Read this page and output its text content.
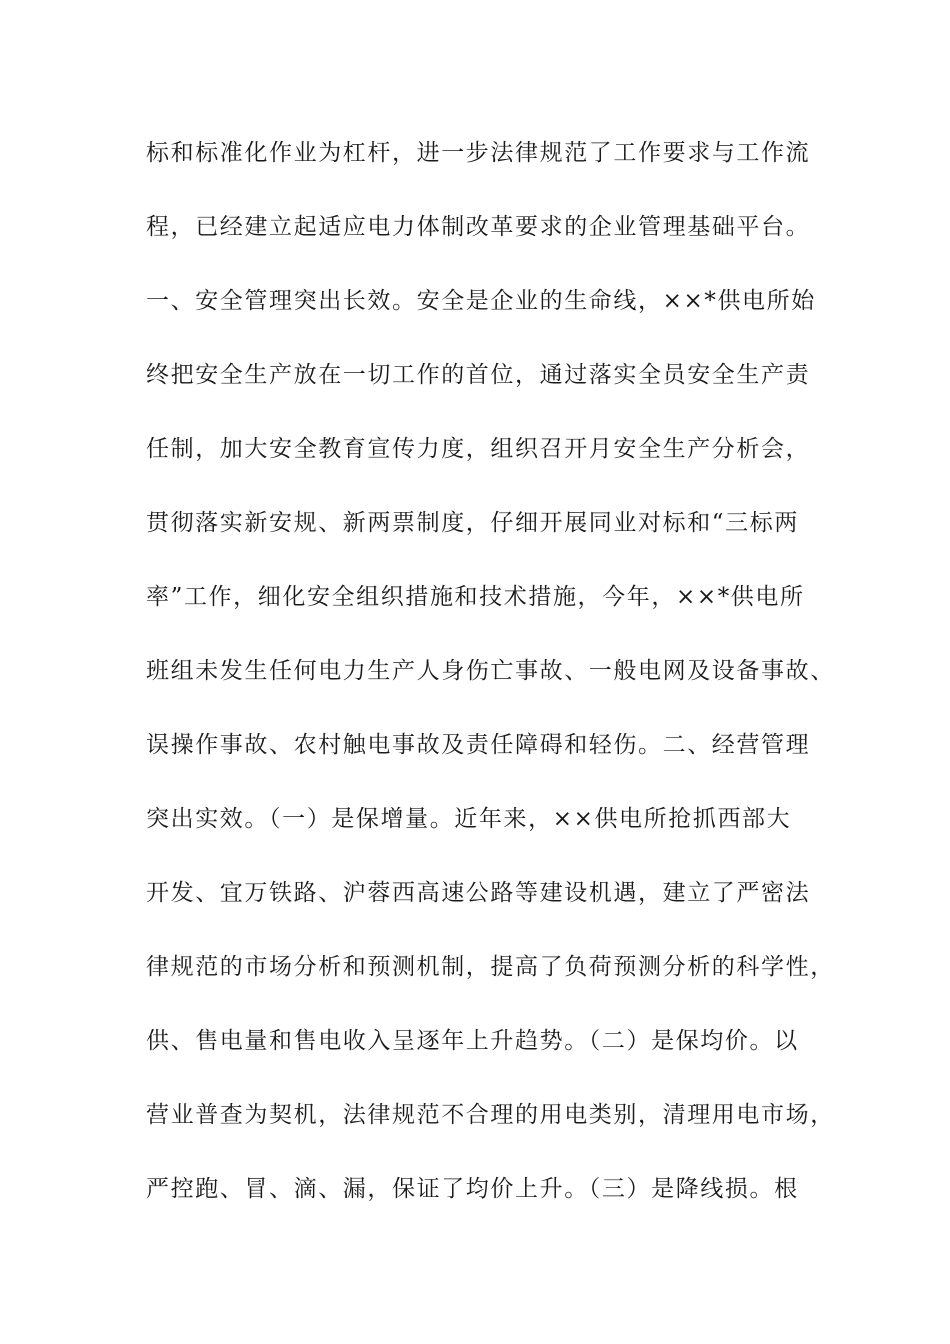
标和标准化作业为杠杆，进一步法律规范了工作要求与工作流
程，已经建立起适应电力体制改革要求的企业管理基础平台。
一、安全管理突出长效。安全是企业的生命线，××*供电所始
终把安全生产放在一切工作的首位，通过落实全员安全生产责
任制，加大安全教育宣传力度，组织召开月安全生产分析会，
贯彻落实新安规、新两票制度，仔细开展同业对标和“三标两
率”工作，细化安全组织措施和技术措施，今年，××*供电所
班组未发生任何电力生产人身伤亡事故、一般电网及设备事故、
误操作事故、农村触电事故及责任障碍和轻伤。二、经营管理
突出实效。（一）是保增量。近年来，××供电所抢抓西部大
开发、宜万铁路、沪蓉西高速公路等建设机遇，建立了严密法
律规范的市场分析和预测机制，提高了负荷预测分析的科学性，
供、售电量和售电收入呈逐年上升趋势。（二）是保均价。以
营业普查为契机，法律规范不合理的用电类别，清理用电市场，
严控跑、冒、滴、漏，保证了均价上升。（三）是降线损。根
